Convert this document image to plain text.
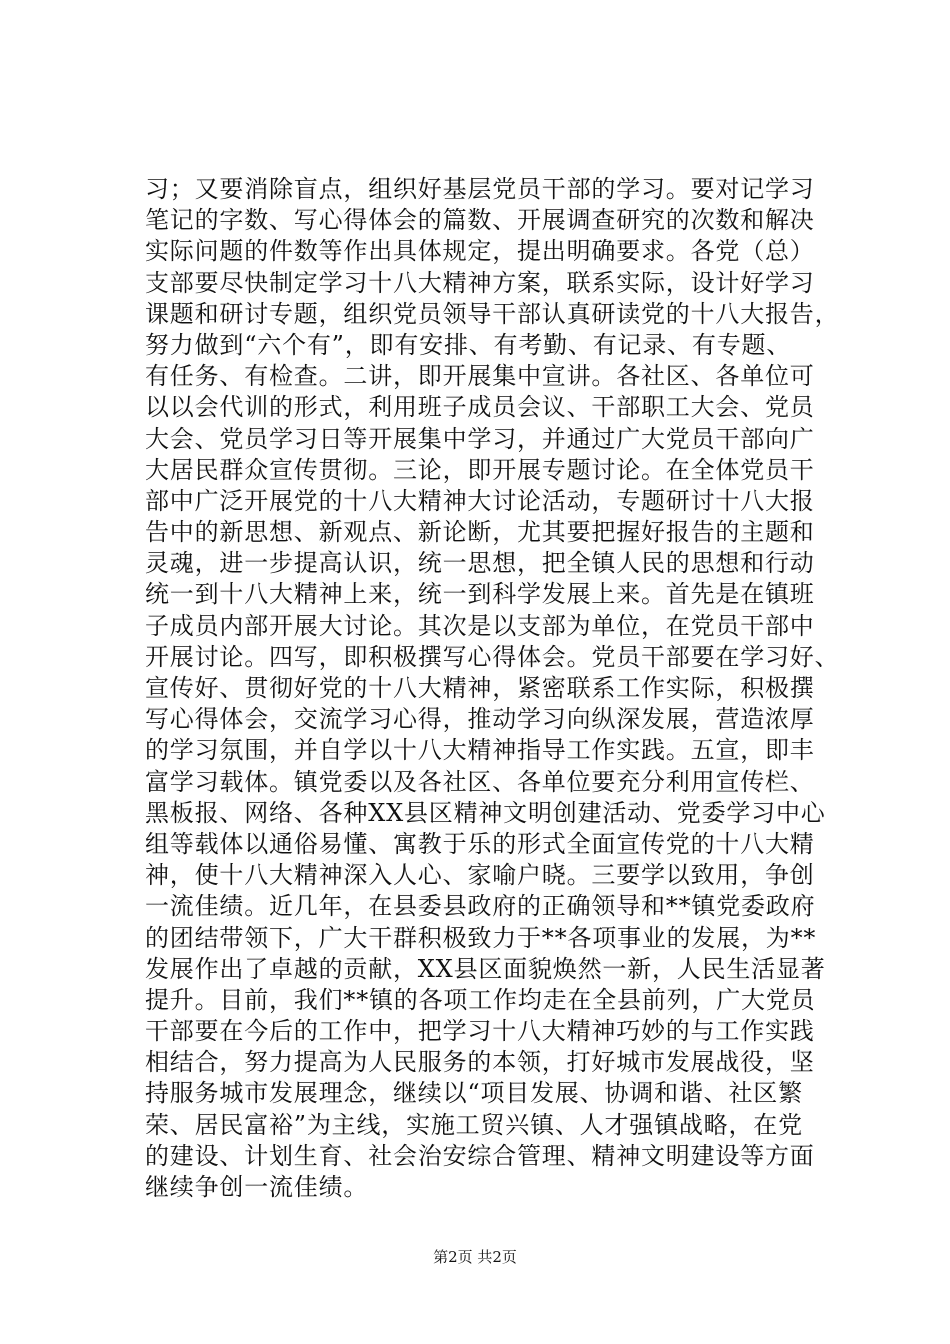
习；又要消除盲点，组织好基层党员干部的学习。要对记学习
笔记的字数、写心得体会的篇数、开展调查研究的次数和解决
实际问题的件数等作出具体规定，提出明确要求。各党（总）
支部要尽快制定学习十八大精神方案，联系实际，设计好学习
课题和研讨专题，组织党员领导干部认真研读党的十八大报告，
努力做到“六个有”，即有安排、有考勤、有记录、有专题、
有任务、有检查。二讲，即开展集中宣讲。各社区、各单位可
以以会代训的形式，利用班子成员会议、干部职工大会、党员
大会、党员学习日等开展集中学习，并通过广大党员干部向广
大居民群众宣传贯彻。三论，即开展专题讨论。在全体党员干
部中广泛开展党的十八大精神大讨论活动，专题研讨十八大报
告中的新思想、新观点、新论断，尤其要把握好报告的主题和
灵魂，进一步提高认识，统一思想，把全镇人民的思想和行动
统一到十八大精神上来，统一到科学发展上来。首先是在镇班
子成员内部开展大讨论。其次是以支部为单位，在党员干部中
开展讨论。四写，即积极撰写心得体会。党员干部要在学习好、
宣传好、贯彻好党的十八大精神，紧密联系工作实际，积极撰
写心得体会，交流学习心得，推动学习向纵深发展，营造浓厚
的学习氛围，并自学以十八大精神指导工作实践。五宣，即丰
富学习载体。镇党委以及各社区、各单位要充分利用宣传栏、
黑板报、网络、各种XX县区精神文明创建活动、党委学习中心
组等载体以通俗易懂、寓教于乐的形式全面宣传党的十八大精
神，使十八大精神深入人心、家喻户晓。三要学以致用，争创
一流佳绩。近几年，在县委县政府的正确领导和**镇党委政府
的团结带领下，广大干群积极致力于**各项事业的发展，为**
发展作出了卓越的贡献，XX县区面貌焕然一新，人民生活显著
提升。目前，我们**镇的各项工作均走在全县前列，广大党员
干部要在今后的工作中，把学习十八大精神巧妙的与工作实践
相结合，努力提高为人民服务的本领，打好城市发展战役，坚
持服务城市发展理念，继续以“项目发展、协调和谐、社区繁
荣、居民富裕”为主线，实施工贸兴镇、人才强镇战略，在党
的建设、计划生育、社会治安综合管理、精神文明建设等方面
继续争创一流佳绩。
第2页 共2页
